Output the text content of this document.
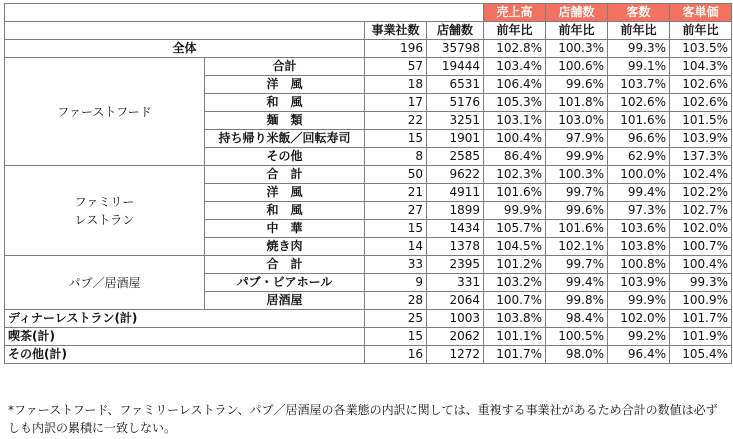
				売上高	店舗数	客数	客単価
		事業社数	店舗数	前年比	前年比	前年比	前年比
全体		196	35798	102.8%	100.3%	99.3%	103.5%
ファーストフード	合計	57	19444	103.4%	100.6%	99.1%	104.3%
	洋　風	18	6531	106.4%	99.6%	103.7%	102.6%
	和　風	17	5176	105.3%	101.8%	102.6%	102.6%
	麺　類	22	3251	103.1%	103.0%	101.6%	101.5%
	持ち帰り米飯／回転寿司	15	1901	100.4%	97.9%	96.6%	103.9%
	その他	8	2585	86.4%	99.9%	62.9%	137.3%
ファミリー
レストラン	合　計	50	9622	102.3%	100.3%	100.0%	102.4%
	洋　風	21	4911	101.6%	99.7%	99.4%	102.2%
	和　風	27	1899	99.9%	99.6%	97.3%	102.7%
	中　華	15	1434	105.7%	101.6%	103.6%	102.0%
	焼き肉	14	1378	104.5%	102.1%	103.8%	100.7%
パブ／居酒屋	合　計	33	2395	101.2%	99.7%	100.8%	100.4%
	パブ・ビアホール	9	331	103.2%	99.4%	103.9%	99.3%
	居酒屋	28	2064	100.7%	99.8%	99.9%	100.9%
ディナーレストラン(計)		25	1003	103.8%	98.4%	102.0%	101.7%
喫茶(計)		15	2062	101.1%	100.5%	99.2%	101.9%
その他(計)		16	1272	101.7%	98.0%	96.4%	105.4%
*ファーストフード、ファミリーレストラン、パブ／居酒屋の各業態の内訳に関しては、重複する事業社があるため合計の数値は必ずしも内訳の累積に一致しない。
